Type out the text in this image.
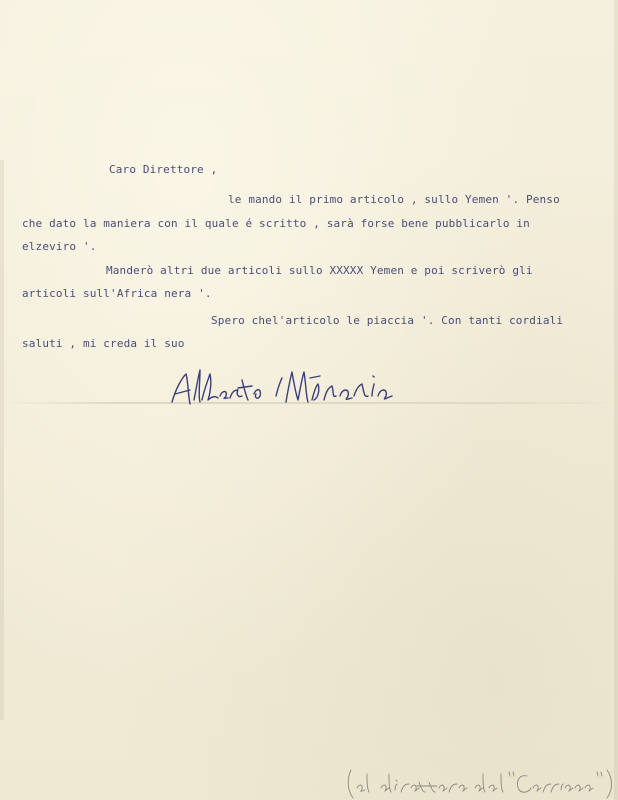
Caro Direttore ,

le mando il primo articolo , sullo Yemen '. Penso

che dato la maniera con il quale é scritto , sarà forse bene pubblicarlo in

elzeviro '.

Manderò altri due articoli sullo ΧΧΧΧΧ Yemen e poi scriverò gli

articoli sull'Africa nera '.

Spero chel'articolo le piaccia '. Con tanti cordiali

saluti , mi creda il suo
